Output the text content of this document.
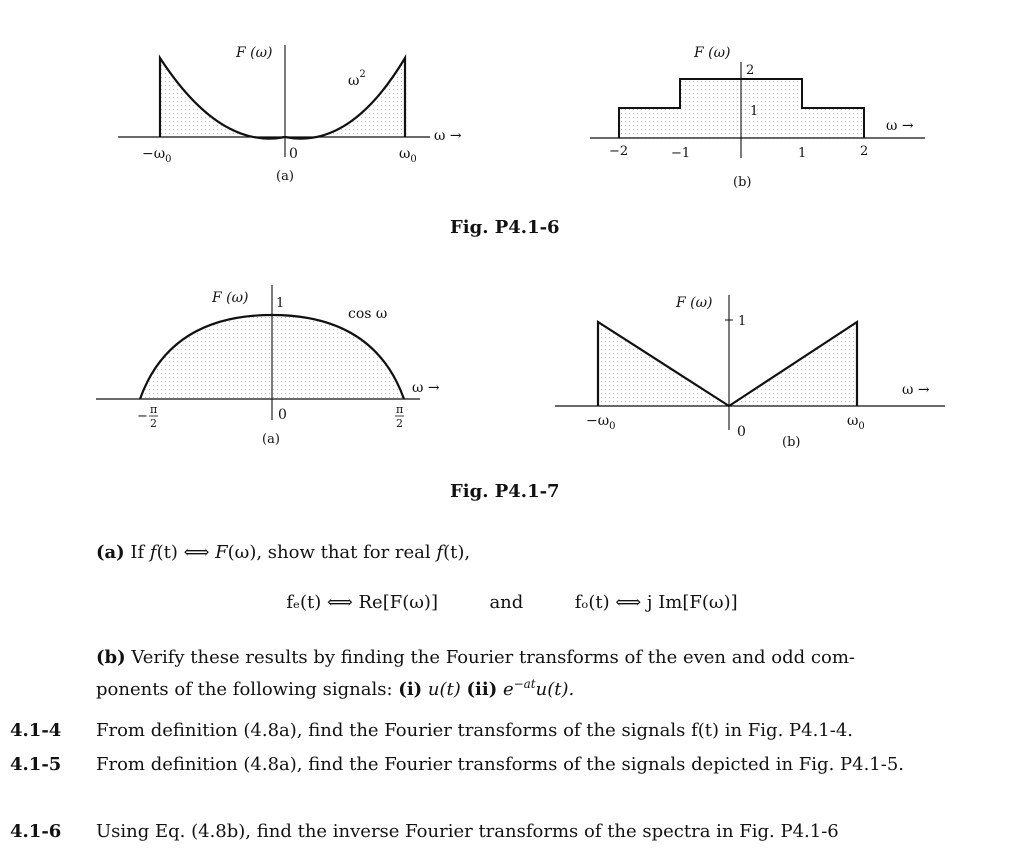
F (ω)
$\omega^2$
$-\omega_0$	0	$\omega_0$
ω →
(a)
F (ω)
2
1
−2	−1	1	2
ω →
(b)
F (ω) 1
cos ω
− π
2
0	π
2
ω →
(a)
F (ω)
1
$-\omega_0$	0
$\omega_0$
ω →
(b)
Fig. P4.1-6
Fig. P4.1-7
(a) If f(t) ⟺ F(ω), show that for real f(t),
fₑ(t) ⟺ Re[F(ω)]	and	fₒ(t) ⟺ j Im[F(ω)]
(b) Verify these results by finding the Fourier transforms of the even and odd com-
ponents of the following signals: (i) u(t) (ii) $e^{-at}u(t)$.
4.1-4 From definition (4.8a), find the Fourier transforms of the signals f(t) in Fig. P4.1-4.
4.1-5 From definition (4.8a), find the Fourier transforms of the signals depicted in Fig. P4.1-5.
4.1-6 Using Eq. (4.8b), find the inverse Fourier transforms of the spectra in Fig. P4.1-6
